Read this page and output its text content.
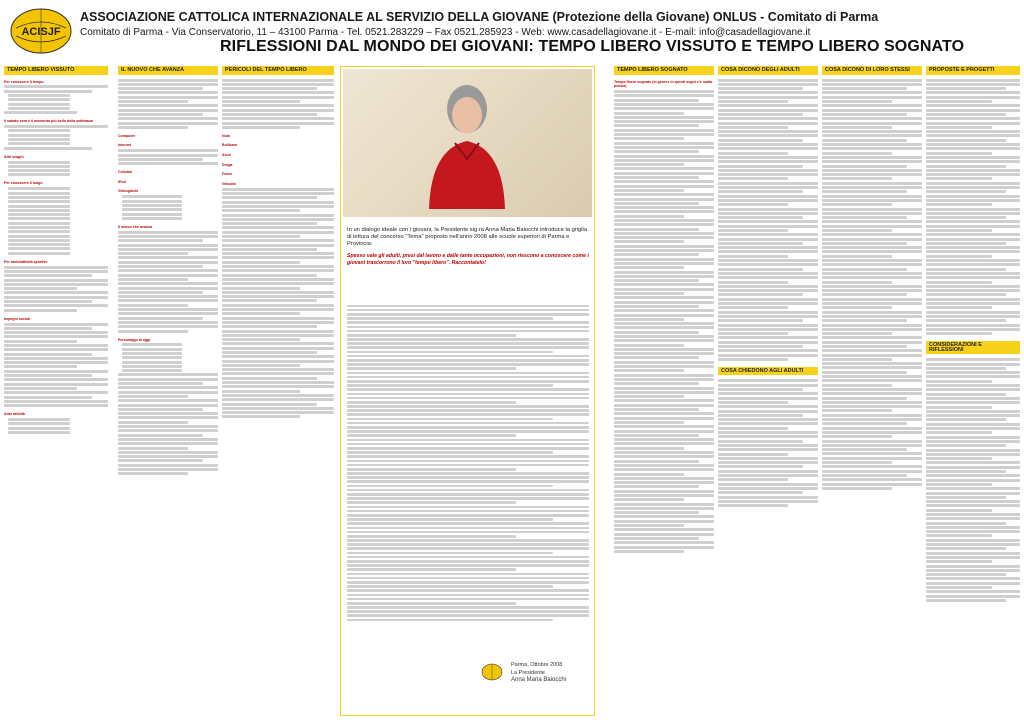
ACISJF
ASSOCIAZIONE CATTOLICA INTERNAZIONALE AL SERVIZIO DELLA GIOVANE (Protezione della Giovane) ONLUS - Comitato di Parma
Comitato di Parma - Via Conservatorio, 11 – 43100 Parma - Tel. 0521.283229 – Fax 0521.285923 - Web: www.casadellagiovane.it - E-mail: info@casadellagiovane.it
RIFLESSIONI DAL MONDO DEI GIOVANI: TEMPO LIBERO VISSUTO E TEMPO LIBERO SOGNATO
TEMPO LIBERO VISSUTO
Per conoscere il tempo
Il sabato sera è il momento più bello della settimana
Altri svaghi
Per conoscere il luogo
Per amici/attività sportive
Impegni sociali
Altre attività
IL NUOVO CHE AVANZA
Computer
Internet
Cellulari
iPod
Videogiochi
Il nuovo che avanza
Personaggi di oggi
PERICOLI DEL TEMPO LIBERO
Noia
Bullismo
Alcol
Droga
Fumo
Velocità
In un dialogo ideale con i giovani, la Presidente sig.ra Anna Maria Baiocchi introduce la griglia di lettura del concorso "Tema" proposto nell'anno 2008 alle scuole superiori di Parma e Provincia:
Spesso vale gli adulti, presi dal lavoro e dalle tante occupazioni, non riescono a conoscere come i giovani trascorrono il loro "tempo libero". Raccontatelo!
Parma, Ottobre 2008
La Presidente
Anna Maria Baiocchi
TEMPO LIBERO SOGNATO
Tempo libero sognato (in genere in questi sogni c'è molta poesia)
COSA DICONO DEGLI ADULTI
COSA CHIEDONO AGLI ADULTI
COSA DICONO DI LORO STESSI	PROPOSTE E PROGETTI
CONSIDERAZIONI E RIFLESSIONI
